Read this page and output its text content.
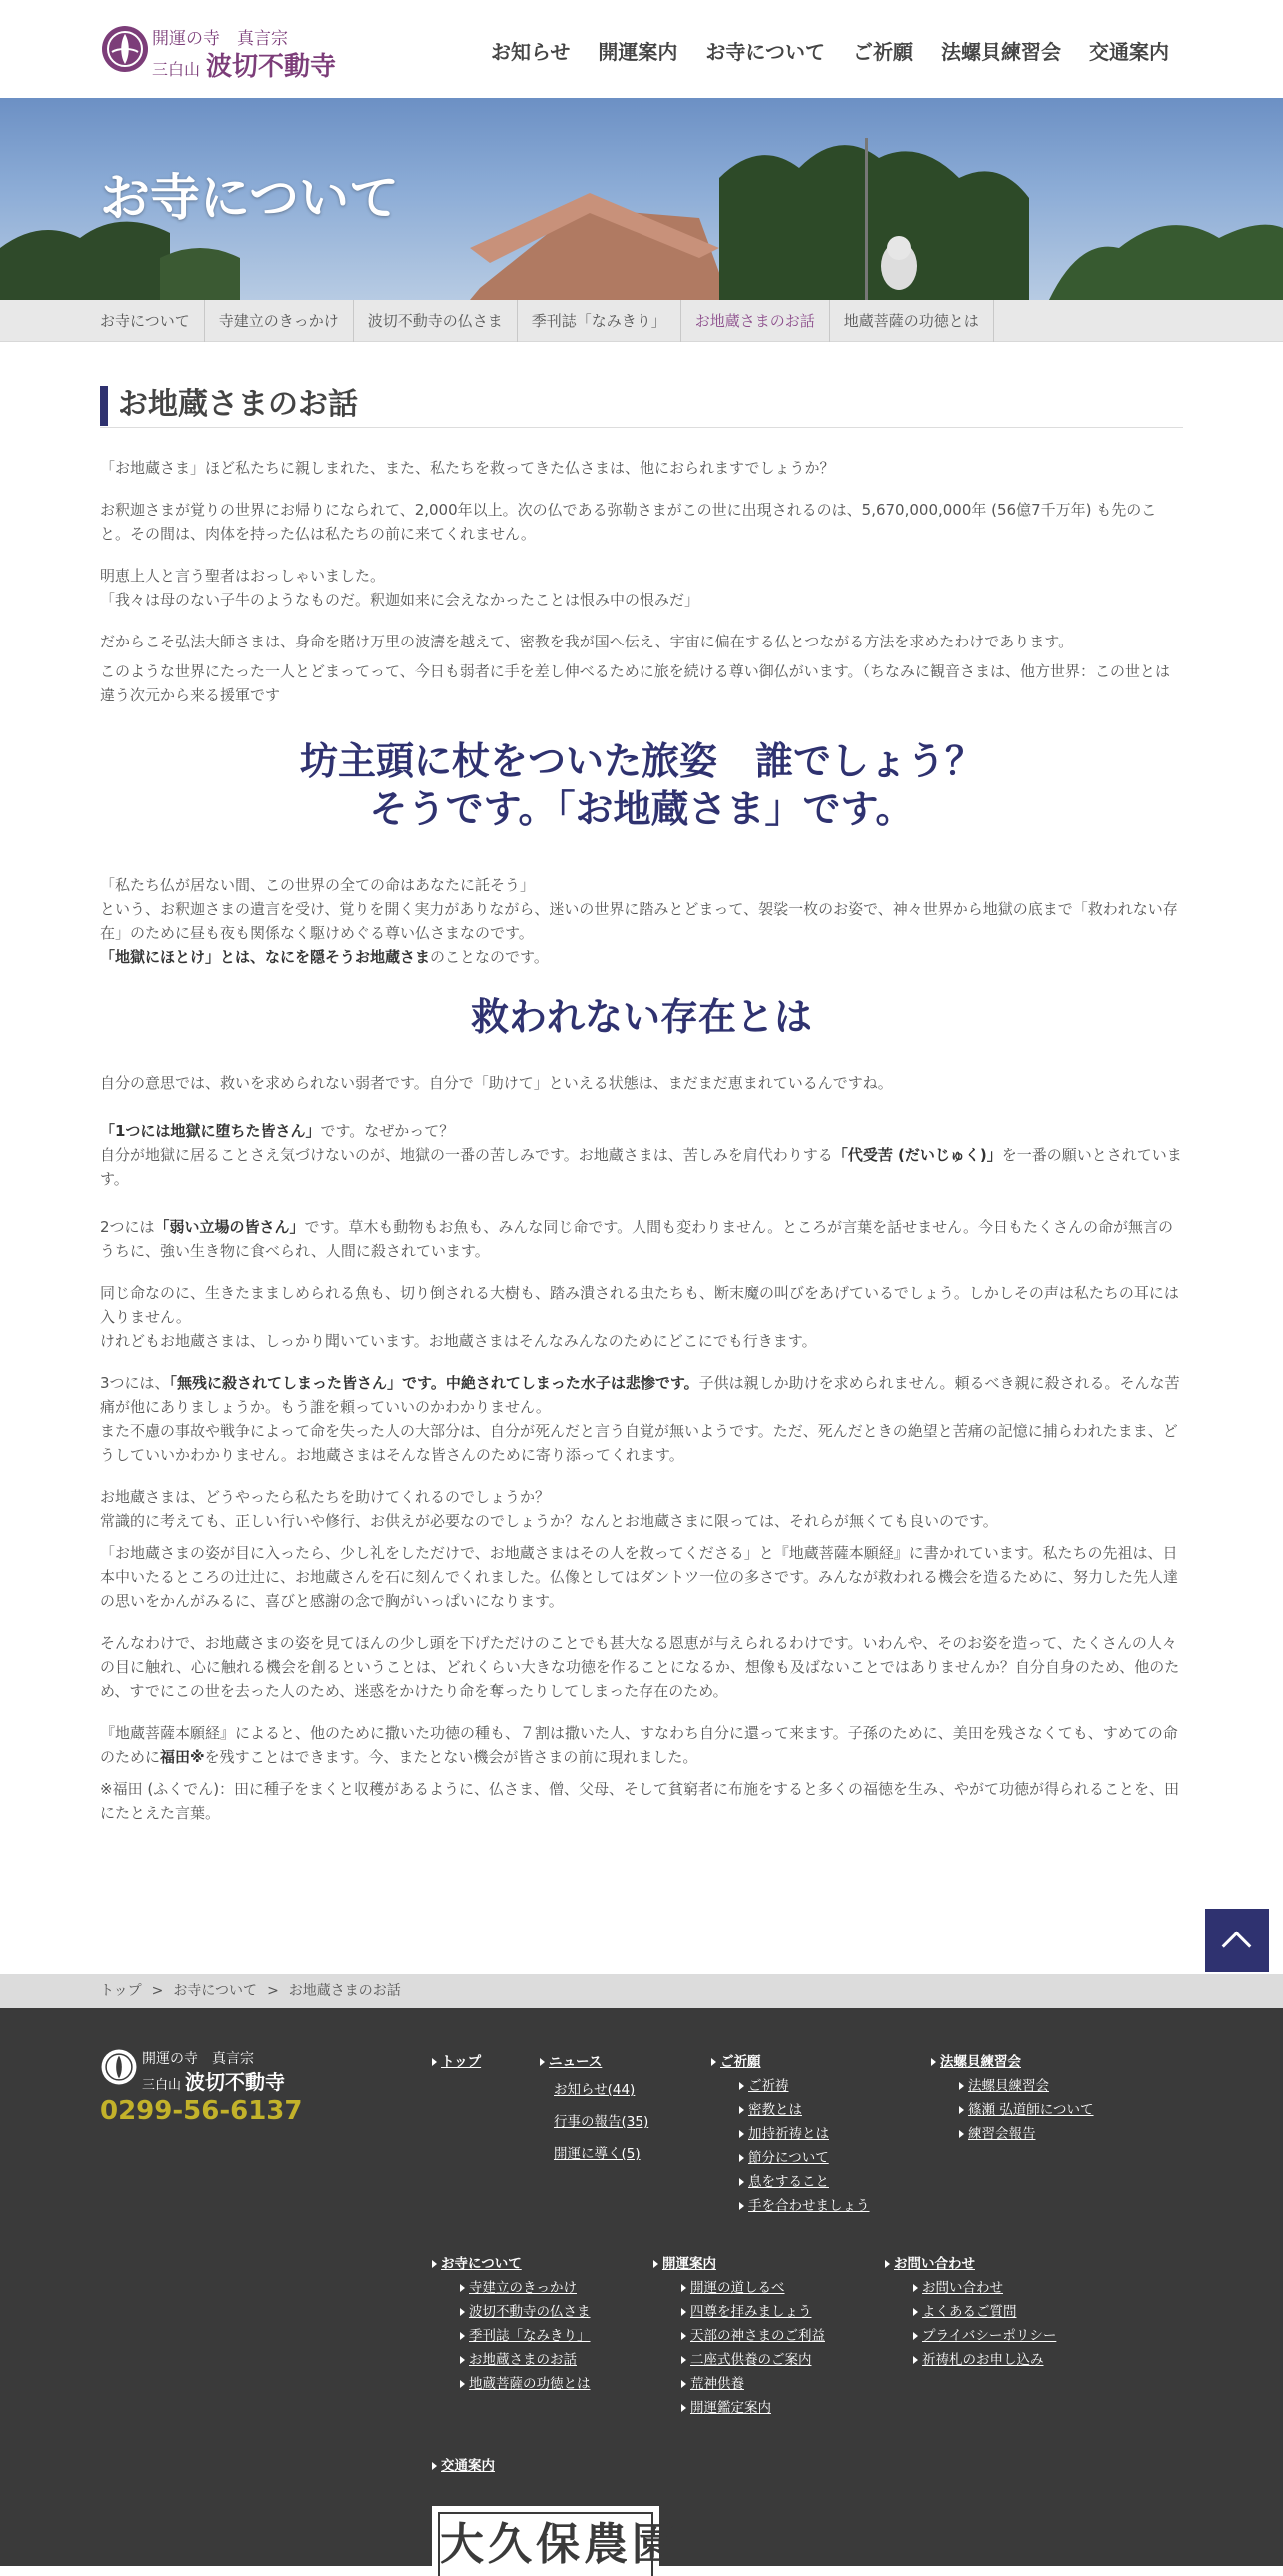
開運の寺　真言宗
三白山 波切不動寺	お知らせ 開運案内 お寺について ご祈願 法螺貝練習会 交通案内
お寺について
お寺について	寺建立のきっかけ	波切不動寺の仏さま	季刊誌「なみきり」	お地蔵さまのお話	地蔵菩薩の功徳とは
お地蔵さまのお話

「お地蔵さま」ほど私たちに親しまれた、また、私たちを救ってきた仏さまは、他におられますでしょうか？

お釈迦さまが覚りの世界にお帰りになられて、2,000年以上。次の仏である弥勒さまがこの世に出現されるのは、5,670,000,000年 (56億7千万年) も先のこと。その間は、肉体を持った仏は私たちの前に来てくれません。

明恵上人と言う聖者はおっしゃいました。
「我々は母のない子牛のようなものだ。釈迦如来に会えなかったことは恨み中の恨みだ」

だからこそ弘法大師さまは、身命を賭け万里の波濤を越えて、密教を我が国へ伝え、宇宙に偏在する仏とつながる方法を求めたわけであります。

このような世界にたった一人とどまってって、今日も弱者に手を差し伸べるために旅を続ける尊い御仏がいます。（ちなみに観音さまは、他方世界：この世とは違う次元から来る援軍です

坊主頭に杖をついた旅姿　誰でしょう？
そうです。「お地蔵さま」です。

「私たち仏が居ない間、この世界の全ての命はあなたに託そう」
という、お釈迦さまの遺言を受け、覚りを開く実力がありながら、迷いの世界に踏みとどまって、袈裟一枚のお姿で、神々世界から地獄の底まで「救われない存在」のために昼も夜も関係なく駆けめぐる尊い仏さまなのです。
「地獄にほとけ」とは、なにを隠そうお地蔵さまのことなのです。

救われない存在とは

自分の意思では、救いを求められない弱者です。自分で「助けて」といえる状態は、まだまだ恵まれているんですね。

「1つには地獄に堕ちた皆さん」です。なぜかって？
自分が地獄に居ることさえ気づけないのが、地獄の一番の苦しみです。お地蔵さまは、苦しみを肩代わりする「代受苦 (だいじゅく)」を一番の願いとされています。

2つには「弱い立場の皆さん」です。草木も動物もお魚も、みんな同じ命です。人間も変わりません。ところが言葉を話せません。今日もたくさんの命が無言のうちに、強い生き物に食べられ、人間に殺されています。

同じ命なのに、生きたまましめられる魚も、切り倒される大樹も、踏み潰される虫たちも、断末魔の叫びをあげているでしょう。しかしその声は私たちの耳には入りません。
けれどもお地蔵さまは、しっかり聞いています。お地蔵さまはそんなみんなのためにどこにでも行きます。

3つには、「無残に殺されてしまった皆さん」です。中絶されてしまった水子は悲惨です。子供は親しか助けを求められません。頼るべき親に殺される。そんな苦痛が他にありましょうか。もう誰を頼っていいのかわかりません。
また不慮の事故や戦争によって命を失った人の大部分は、自分が死んだと言う自覚が無いようです。ただ、死んだときの絶望と苦痛の記憶に捕らわれたまま、どうしていいかわかりません。お地蔵さまはそんな皆さんのために寄り添ってくれます。

お地蔵さまは、どうやったら私たちを助けてくれるのでしょうか？
常識的に考えても、正しい行いや修行、お供えが必要なのでしょうか？なんとお地蔵さまに限っては、それらが無くても良いのです。

「お地蔵さまの姿が目に入ったら、少し礼をしただけで、お地蔵さまはその人を救ってくださる」と『地蔵菩薩本願経』に書かれています。私たちの先祖は、日本中いたるところの辻辻に、お地蔵さんを石に刻んでくれました。仏像としてはダントツ一位の多さです。みんなが救われる機会を造るために、努力した先人達の思いをかんがみるに、喜びと感謝の念で胸がいっぱいになります。

そんなわけで、お地蔵さまの姿を見てほんの少し頭を下げただけのことでも甚大なる恩恵が与えられるわけです。いわんや、そのお姿を造って、たくさんの人々の目に触れ、心に触れる機会を創るということは、どれくらい大きな功徳を作ることになるか、想像も及ばないことではありませんか？自分自身のため、他のため、すでにこの世を去った人のため、迷惑をかけたり命を奪ったりしてしまった存在のため。

『地蔵菩薩本願経』によると、他のために撒いた功徳の種も、７割は撒いた人、すなわち自分に還って来ます。子孫のために、美田を残さなくても、すめての命のために福田※を残すことはできます。今、またとない機会が皆さまの前に現れました。

※福田 (ふくでん)：田に種子をまくと収穫があるように、仏さま、僧、父母、そして貧窮者に布施をすると多くの福徳を生み、やがて功徳が得られることを、田にたとえた言葉。

トップ > お寺について > お地蔵さまのお話
開運の寺　真言宗
三白山 波切不動寺
0299-56-6137
トップ	ニュース
お知らせ(44)
行事の報告(35)
開運に導く(5)
ご祈願
ご祈祷
密教とは
加持祈祷とは
節分について
息をすること
手を合わせましょう
法螺貝練習会
法螺貝練習会
篠瀬 弘道師について
練習会報告
お寺について
寺建立のきっかけ
波切不動寺の仏さま
季刊誌「なみきり」
お地蔵さまのお話
地蔵菩薩の功徳とは
開運案内
開運の道しるべ
四尊を拝みましょう
天部の神さまのご利益
二座式供養のご案内
荒神供養
開運鑑定案内
お問い合わせ
お問い合わせ
よくあるご質問
プライバシーポリシー
祈祷札のお申し込み
交通案内
大久保農園
